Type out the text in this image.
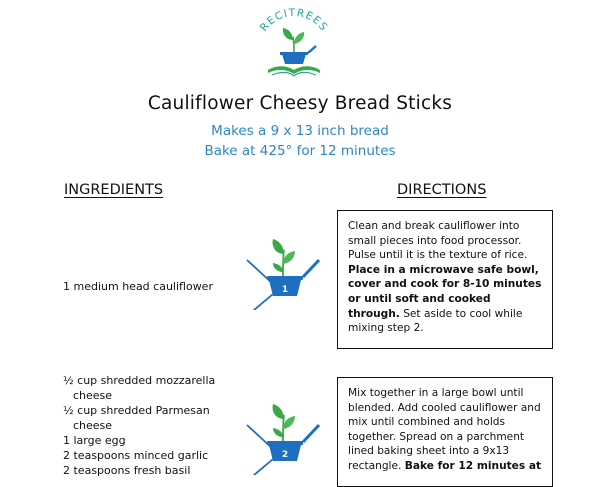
RECITREES
Cauliflower Cheesy Bread Sticks
Makes a 9 x 13 inch bread
Bake at 425° for 12 minutes
INGREDIENTS	DIRECTIONS
1 medium head cauliflower	1
Clean and break cauliflower into small pieces into food processor. Pulse until it is the texture of rice. Place in a microwave safe bowl, cover and cook for 8-10 minutes or until soft and cooked through. Set aside to cool while mixing step 2.
½ cup shredded mozzarella
cheese
½ cup shredded Parmesan
cheese
1 large egg
2 teaspoons minced garlic
2 teaspoons fresh basil
2
Mix together in a large bowl until blended. Add cooled cauliflower and mix until combined and holds together. Spread on a parchment lined baking sheet into a 9x13 rectangle. Bake for 12 minutes at
